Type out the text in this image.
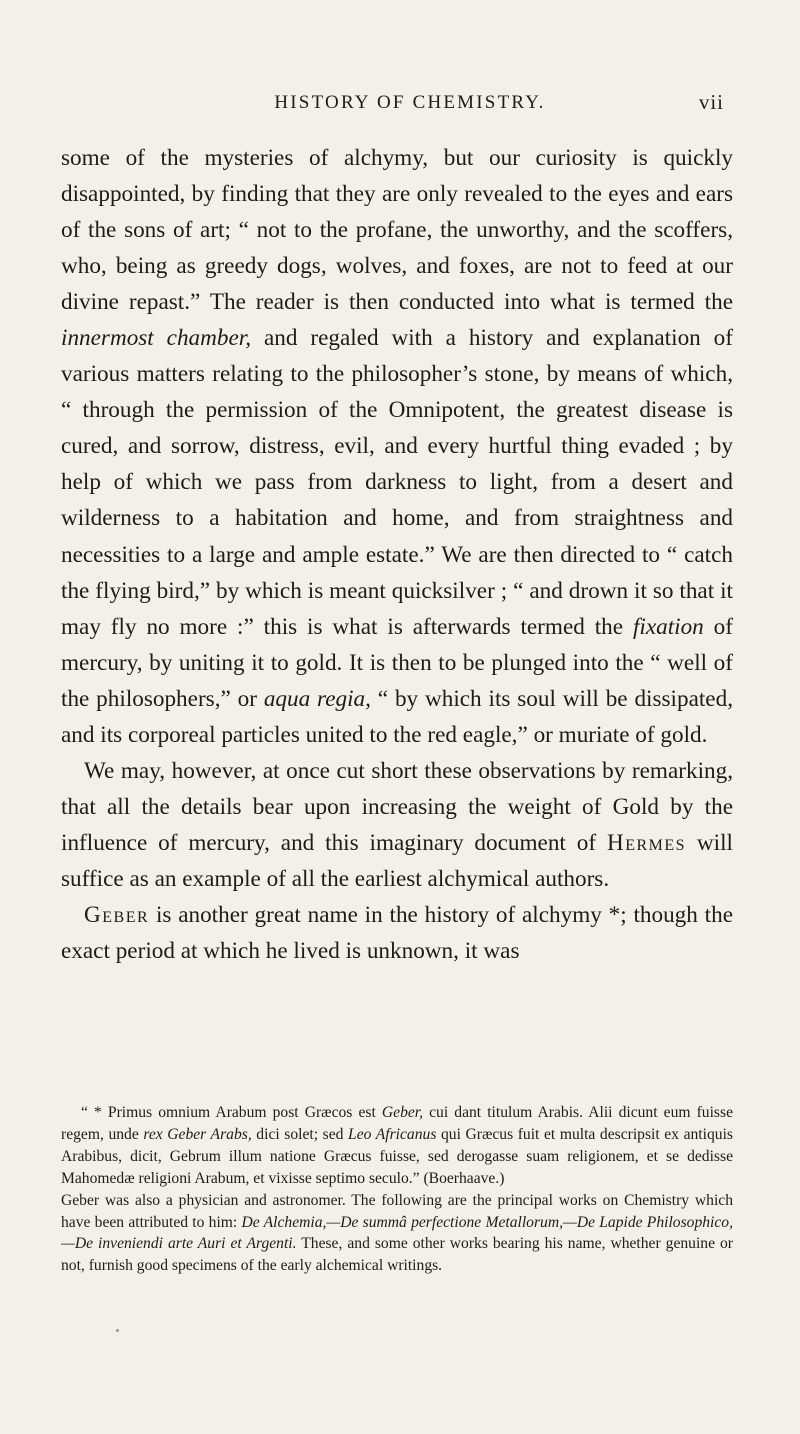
HISTORY OF CHEMISTRY.	vii

some of the mysteries of alchymy, but our curiosity is quickly disappointed, by finding that they are only revealed to the eyes and ears of the sons of art; “ not to the profane, the unworthy, and the scoffers, who, being as greedy dogs, wolves, and foxes, are not to feed at our divine repast.” The reader is then conducted into what is termed the innermost chamber, and regaled with a history and explanation of various matters relating to the philosopher’s stone, by means of which, “ through the permission of the Omnipotent, the greatest disease is cured, and sorrow, distress, evil, and every hurtful thing evaded ; by help of which we pass from darkness to light, from a desert and wilderness to a habitation and home, and from straightness and necessities to a large and ample estate.” We are then directed to “ catch the flying bird,” by which is meant quicksilver ; “ and drown it so that it may fly no more :” this is what is afterwards termed the fixation of mercury, by uniting it to gold. It is then to be plunged into the “ well of the philosophers,” or aqua regia, “ by which its soul will be dissipated, and its corporeal particles united to the red eagle,” or muriate of gold.

We may, however, at once cut short these observations by remarking, that all the details bear upon increasing the weight of Gold by the influence of mercury, and this imaginary document of Hermes will suffice as an example of all the earliest alchymical authors.

Geber is another great name in the history of alchymy *; though the exact period at which he lived is unknown, it was

“ * Primus omnium Arabum post Græcos est Geber, cui dant titulum Arabis. Alii dicunt eum fuisse regem, unde rex Geber Arabs, dici solet; sed Leo Africanus qui Græcus fuit et multa descripsit ex antiquis Arabibus, dicit, Gebrum illum natione Græcus fuisse, sed derogasse suam religionem, et se dedisse Mahomedæ religioni Arabum, et vixisse septimo seculo.” (Boerhaave.)

Geber was also a physician and astronomer. The following are the principal works on Chemistry which have been attributed to him: De Alchemia,—De summâ perfectione Metallorum,—De Lapide Philosophico,—De inveniendi arte Auri et Argenti. These, and some other works bearing his name, whether genuine or not, furnish good specimens of the early alchemical writings.
